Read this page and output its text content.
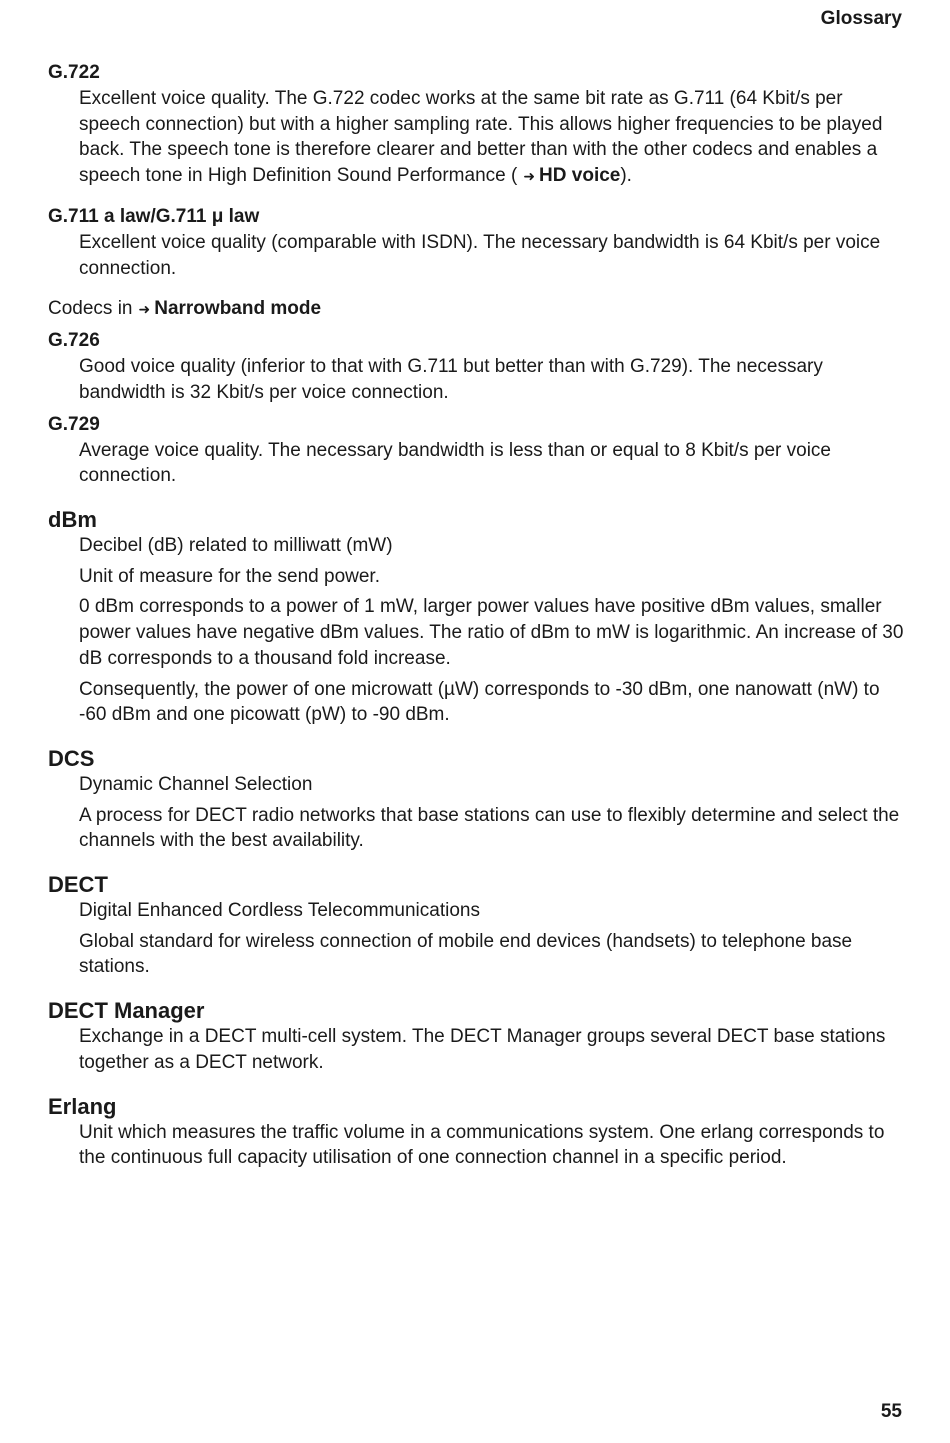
Glossary
G.722

Excellent voice quality. The G.722 codec works at the same bit rate as G.711 (64 Kbit/s per speech connection) but with a higher sampling rate. This allows higher frequencies to be played back. The speech tone is therefore clearer and better than with the other codecs and enables a speech tone in High Definition Sound Performance ( ➜ HD voice).

G.711 a law/G.711 μ law

Excellent voice quality (comparable with ISDN). The necessary bandwidth is 64 Kbit/s per voice connection.

Codecs in ➜ Narrowband mode

G.726

Good voice quality (inferior to that with G.711 but better than with G.729). The necessary bandwidth is 32 Kbit/s per voice connection.

G.729

Average voice quality. The necessary bandwidth is less than or equal to 8 Kbit/s per voice connection.

dBm

Decibel (dB) related to milliwatt (mW)

Unit of measure for the send power.

0 dBm corresponds to a power of 1 mW, larger power values have positive dBm values, smaller power values have negative dBm values. The ratio of dBm to mW is logarithmic. An increase of 30 dB corresponds to a thousand fold increase.

Consequently, the power of one microwatt (µW) corresponds to -30 dBm, one nanowatt (nW) to -60 dBm and one picowatt (pW) to -90 dBm.

DCS

Dynamic Channel Selection

A process for DECT radio networks that base stations can use to flexibly determine and select the channels with the best availability.

DECT

Digital Enhanced Cordless Telecommunications

Global standard for wireless connection of mobile end devices (handsets) to telephone base stations.

DECT Manager

Exchange in a DECT multi-cell system. The DECT Manager groups several DECT base stations together as a DECT network.

Erlang

Unit which measures the traffic volume in a communications system. One erlang corresponds to the continuous full capacity utilisation of one connection channel in a specific period.

55
